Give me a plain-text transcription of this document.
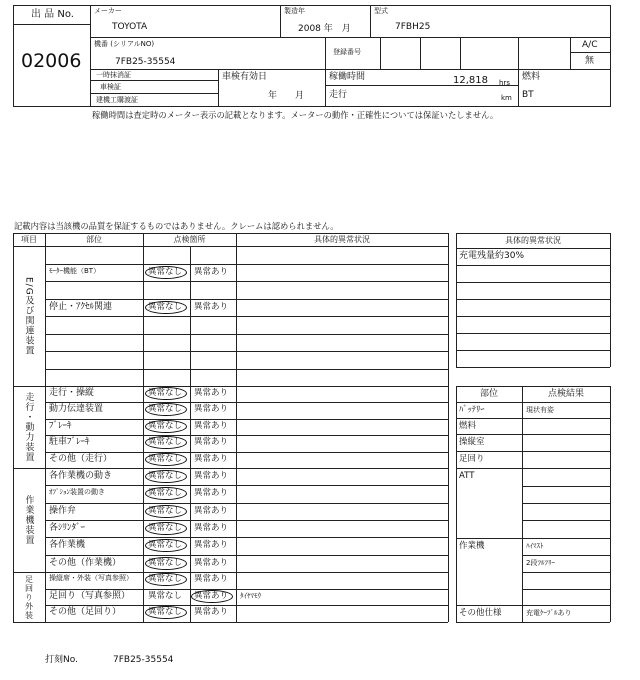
出 品 No.
02006
メーカー
TOYOTA
製造年
2008 年　月
型式
7FBH25
機番 (シリアルNO)
7FB25-35554
登録番号
A/C
無
一時抹消証
車検証
建機工購渡証
車検有効日
年　　月
稼働時間	12,818 hrs
走行	km
燃料
BT
稼働時間は査定時のメーター表示の記載となります。メーターの動作・正確性については保証いたしません。
記載内容は当該機の品質を保証するものではありません。クレームは認められません。
項目	部位	点検箇所	具体的異常状況
E/G及び関連装置
ﾓｰﾀｰ機能（BT）	異常なし 異常あり
停止・ｱｸｾﾙ関連	異常なし 異常あり
走行・動力装置	走行・操縦	異常なし 異常あり
動力伝達装置	異常なし 異常あり
ﾌﾞﾚｰｷ	異常なし 異常あり
駐車ﾌﾞﾚｰｷ	異常なし 異常あり
その他（走行）	異常なし 異常あり
作業機装置
各作業機の動き	異常なし 異常あり
ｵﾌﾟｼｮﾝ装置の動き	異常なし 異常あり
操作弁	異常なし 異常あり
各ｼﾘﾝﾀﾞｰ	異常なし 異常あり
各作業機	異常なし 異常あり
その他（作業機）	異常なし 異常あり
足回り外装	操縦席・外装（写真参照） 異常なし 異常あり
足回り（写真参照） 異常なし 異常あり ﾀｲﾔﾏﾓｳ
その他（足回り）	異常なし 異常あり
具体的異常状況
充電残量約30%
部位	点検結果
ﾊﾞｯﾃﾘｰ	現状有姿
燃料
操縦室
足回り
ATT
作業機	ﾊｲﾏｽﾄ
2段ﾌﾙﾌﾘｰ
その他仕様	充電ｹｰﾌﾞﾙあり
打刻No.	7FB25-35554
